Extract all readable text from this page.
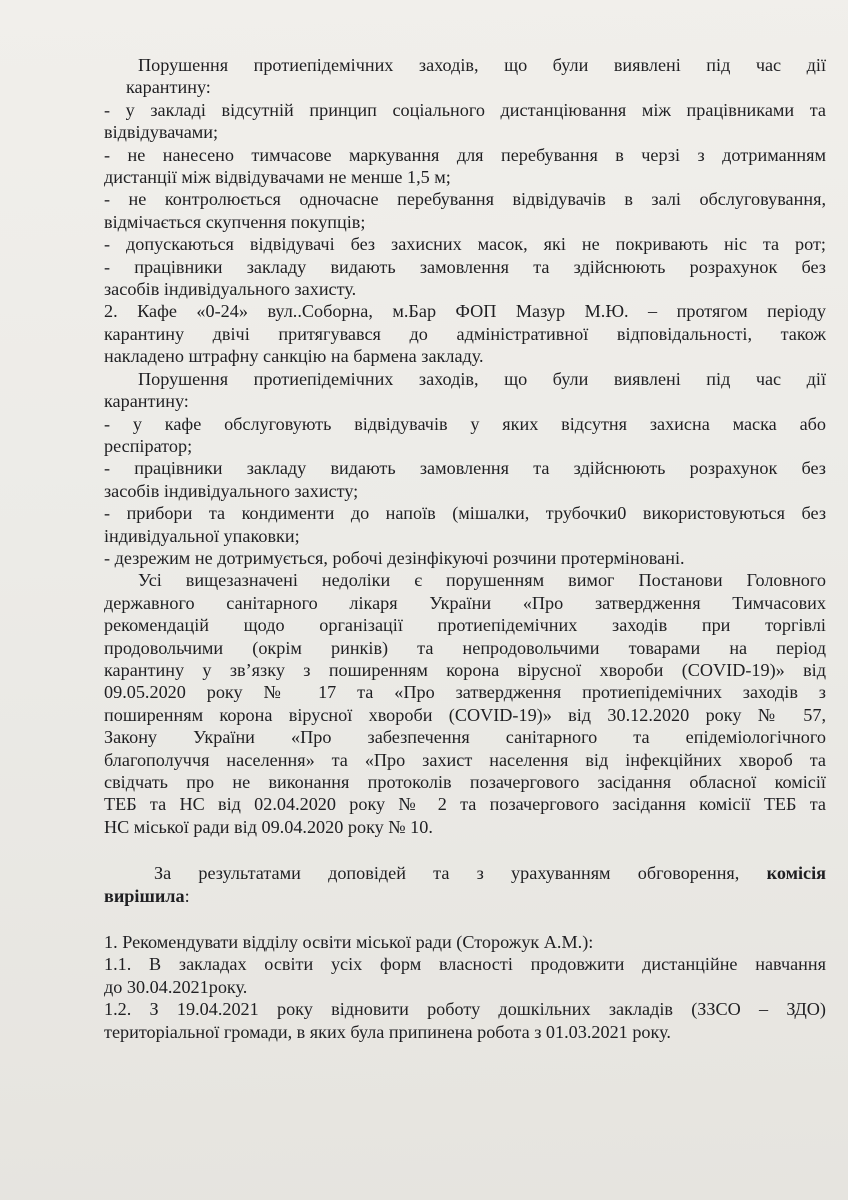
Порушення протиепідемічних заходів, що були виявлені під час дії

карантину:

- у закладі відсутній принцип соціального дистанціювання між працівниками та

відвідувачами;

- не нанесено тимчасове маркування для перебування в черзі з дотриманням

дистанції між відвідувачами не менше 1,5 м;

- не контролюється одночасне перебування відвідувачів в залі обслуговування,

відмічається скупчення покупців;

- допускаються відвідувачі без захисних масок, які не покривають ніс та рот;

- працівники закладу видають замовлення та здійснюють розрахунок без

засобів індивідуального захисту.

2. Кафе «0-24» вул..Соборна, м.Бар ФОП Мазур М.Ю. – протягом періоду

карантину двічі притягувався до адміністративної відповідальності, також

накладено штрафну санкцію на бармена закладу.

Порушення протиепідемічних заходів, що були виявлені під час дії

карантину:

- у кафе обслуговують відвідувачів у яких відсутня захисна маска або

респіратор;

- працівники закладу видають замовлення та здійснюють розрахунок без

засобів індивідуального захисту;

- прибори та кондименти до напоїв (мішалки, трубочки0 використовуються без

індивідуальної упаковки;

- дезрежим не дотримується, робочі дезінфікуючі розчини протерміновані.

Усі вищезазначені недоліки є порушенням вимог Постанови Головного

державного санітарного лікаря України «Про затвердження Тимчасових

рекомендацій щодо організації протиепідемічних заходів при торгівлі

продовольчими (окрім ринків) та непродовольчими товарами на період

карантину у зв’язку з поширенням корона вірусної хвороби (COVID-19)» від

09.05.2020 року № 17 та «Про затвердження протиепідемічних заходів з

поширенням корона вірусної хвороби (COVID-19)» від 30.12.2020 року № 57,

Закону України «Про забезпечення санітарного та епідеміологічного

благополуччя населення» та «Про захист населення від інфекційних хвороб та

свідчать про не виконання протоколів позачергового засідання обласної комісії

ТЕБ та НС від 02.04.2020 року № 2 та позачергового засідання комісії ТЕБ та

НС міської ради від 09.04.2020 року № 10.

За результатами доповідей та з урахуванням обговорення, комісія

вирішила:

1. Рекомендувати відділу освіти міської ради (Сторожук А.М.):

1.1. В закладах освіти усіх форм власності продовжити дистанційне навчання

до 30.04.2021року.

1.2. З 19.04.2021 року відновити роботу дошкільних закладів (ЗЗСО – ЗДО)

територіальної громади, в яких була припинена робота з 01.03.2021 року.
